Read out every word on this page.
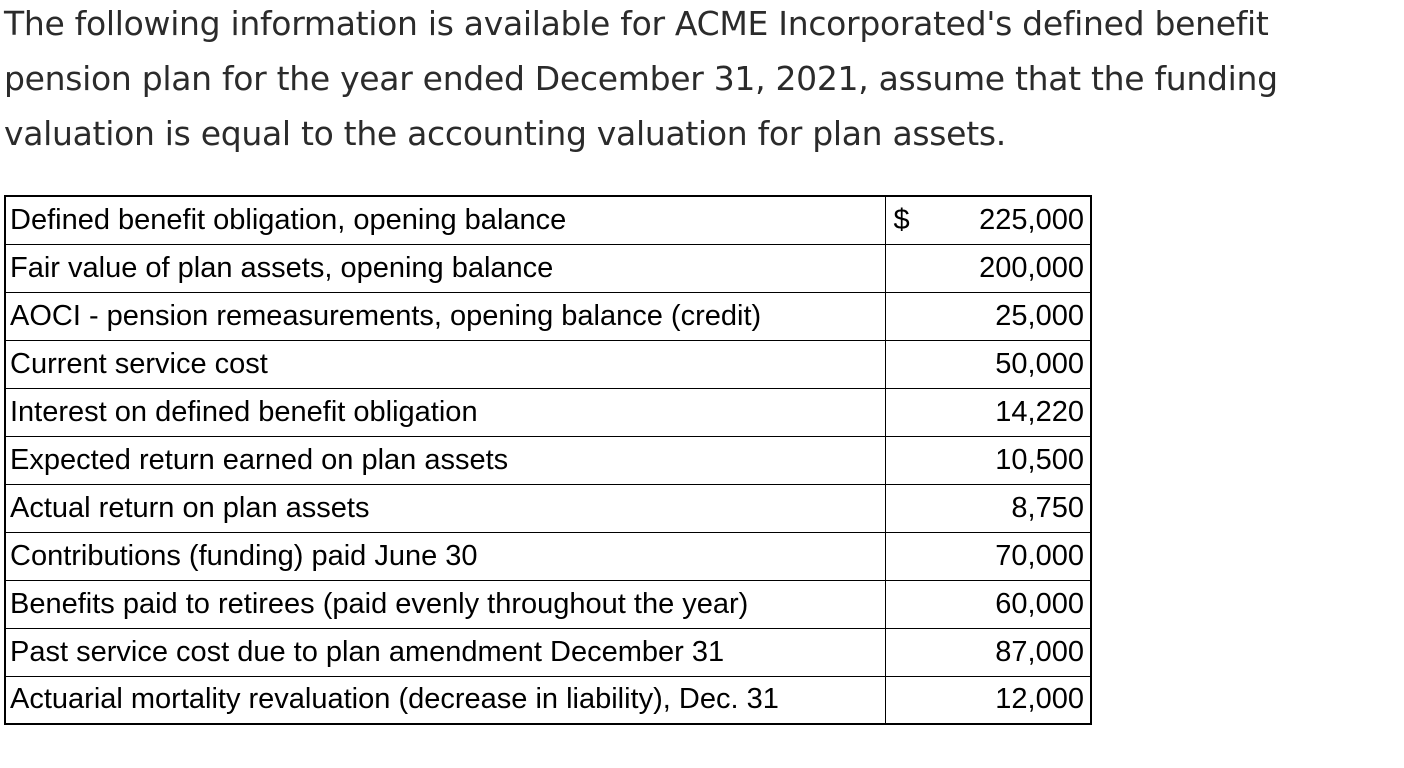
The following information is available for ACME Incorporated's defined benefit pension plan for the year ended December 31, 2021, assume that the funding valuation is equal to the accounting valuation for plan assets.

Defined benefit obligation, opening balance	$	225,000
Fair value of plan assets, opening balance		200,000
AOCI - pension remeasurements, opening balance (credit)		25,000
Current service cost		50,000
Interest on defined benefit obligation		14,220
Expected return earned on plan assets		10,500
Actual return on plan assets		8,750
Contributions (funding) paid June 30		70,000
Benefits paid to retirees (paid evenly throughout the year)		60,000
Past service cost due to plan amendment December 31		87,000
Actuarial mortality revaluation (decrease in liability), Dec. 31		12,000
